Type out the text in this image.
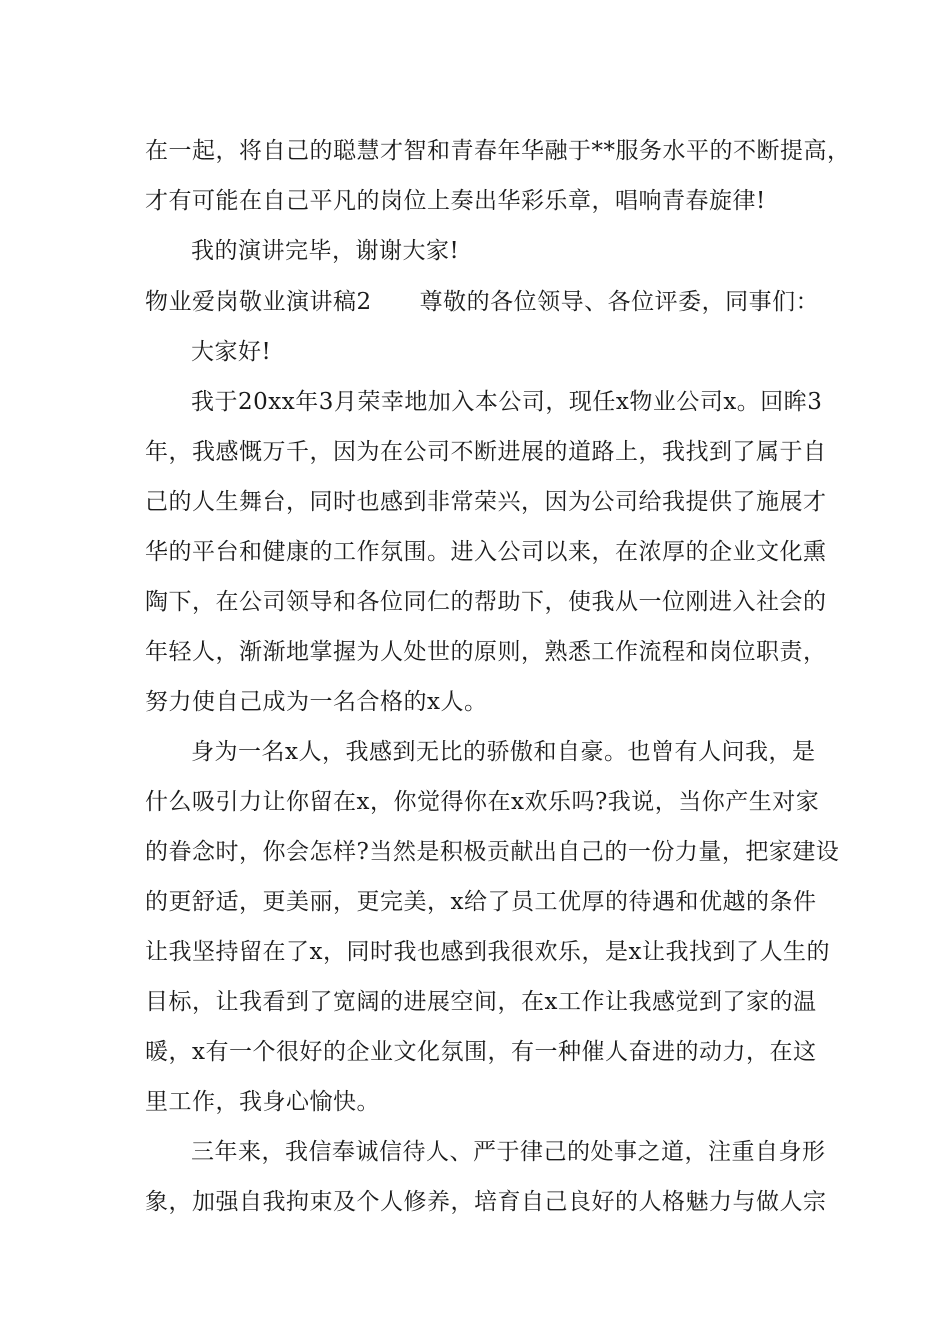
在一起，将自己的聪慧才智和青春年华融于**服务水平的不断提高，
才有可能在自己平凡的岗位上奏出华彩乐章，唱响青春旋律!
我的演讲完毕，谢谢大家!
物业爱岗敬业演讲稿2 尊敬的各位领导、各位评委，同事们：
大家好!
我于20xx年3月荣幸地加入本公司，现任x物业公司x。回眸3
年，我感慨万千，因为在公司不断进展的道路上，我找到了属于自
己的人生舞台，同时也感到非常荣兴，因为公司给我提供了施展才
华的平台和健康的工作氛围。进入公司以来，在浓厚的企业文化熏
陶下，在公司领导和各位同仁的帮助下，使我从一位刚进入社会的
年轻人，渐渐地掌握为人处世的原则，熟悉工作流程和岗位职责，
努力使自己成为一名合格的x人。
身为一名x人，我感到无比的骄傲和自豪。也曾有人问我，是
什么吸引力让你留在x，你觉得你在x欢乐吗?我说，当你产生对家
的眷念时，你会怎样?当然是积极贡献出自己的一份力量，把家建设
的更舒适，更美丽，更完美，x给了员工优厚的待遇和优越的条件
让我坚持留在了x，同时我也感到我很欢乐，是x让我找到了人生的
目标，让我看到了宽阔的进展空间，在x工作让我感觉到了家的温
暖，x有一个很好的企业文化氛围，有一种催人奋进的动力，在这
里工作，我身心愉快。
三年来，我信奉诚信待人、严于律己的处事之道，注重自身形
象，加强自我拘束及个人修养，培育自己良好的人格魅力与做人宗
